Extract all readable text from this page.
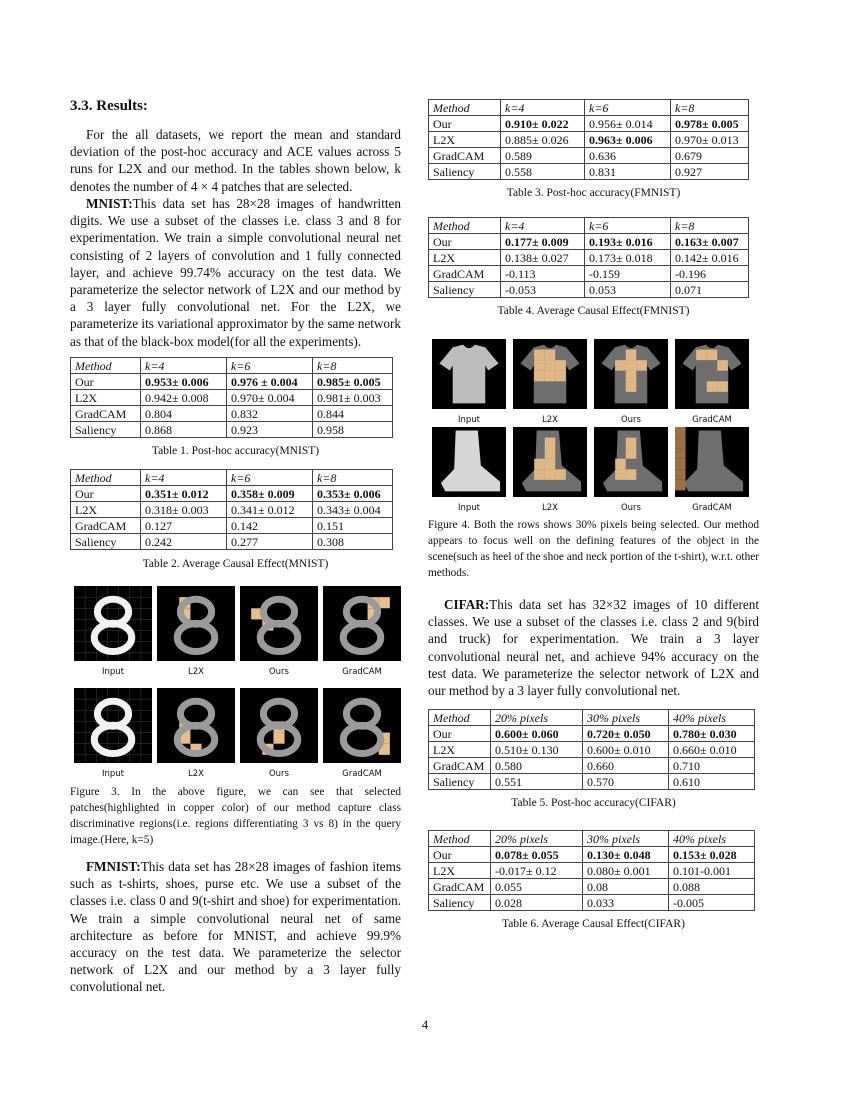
3.3. Results:

For the all datasets, we report the mean and standard deviation of the post-hoc accuracy and ACE values across 5 runs for L2X and our method. In the tables shown below, k denotes the number of 4 × 4 patches that are selected.

MNIST:This data set has 28×28 images of handwritten digits. We use a subset of the classes i.e. class 3 and 8 for experimentation. We train a simple convolutional neural net consisting of 2 layers of convolution and 1 fully connected layer, and achieve 99.74% accuracy on the test data. We parameterize the selector network of L2X and our method by a 3 layer fully convolutional net. For the L2X, we parameterize its variational approximator by the same network as that of the black-box model(for all the experiments).

Method	k=4	k=6	k=8
Our	0.953± 0.006	0.976 ± 0.004	0.985± 0.005
L2X	0.942± 0.008	0.970± 0.004	0.981± 0.003
GradCAM	0.804	0.832	0.844
Saliency	0.868	0.923	0.958

Table 1. Post-hoc accuracy(MNIST)

Method	k=4	k=6	k=8
Our	0.351± 0.012	0.358± 0.009	0.353± 0.006
L2X	0.318± 0.003	0.341± 0.012	0.343± 0.004
GradCAM	0.127	0.142	0.151
Saliency	0.242	0.277	0.308

Table 2. Average Causal Effect(MNIST)

Input	L2X	Ours	GradCAM
Input	L2X	Ours	GradCAM

Figure 3. In the above figure, we can see that selected patches(highlighted in copper color) of our method capture class discriminative regions(i.e. regions differentiating 3 vs 8) in the query image.(Here, k=5)

FMNIST:This data set has 28×28 images of fashion items such as t-shirts, shoes, purse etc. We use a subset of the classes i.e. class 0 and 9(t-shirt and shoe) for experimentation. We train a simple convolutional neural net of same architecture as before for MNIST, and achieve 99.9% accuracy on the test data. We parameterize the selector network of L2X and our method by a 3 layer fully convolutional net.

Method	k=4	k=6	k=8
Our	0.910± 0.022	0.956± 0.014	0.978± 0.005
L2X	0.885± 0.026	0.963± 0.006	0.970± 0.013
GradCAM	0.589	0.636	0.679
Saliency	0.558	0.831	0.927

Table 3. Post-hoc accuracy(FMNIST)

Method	k=4	k=6	k=8
Our	0.177± 0.009	0.193± 0.016	0.163± 0.007
L2X	0.138± 0.027	0.173± 0.018	0.142± 0.016
GradCAM	-0.113	-0.159	-0.196
Saliency	-0.053	0.053	0.071

Table 4. Average Causal Effect(FMNIST)

Input	L2X	Ours	GradCAM
Input	L2X	Ours	GradCAM

Figure 4. Both the rows shows 30% pixels being selected. Our method appears to focus well on the defining features of the object in the scene(such as heel of the shoe and neck portion of the t-shirt), w.r.t. other methods.

CIFAR:This data set has 32×32 images of 10 different classes. We use a subset of the classes i.e. class 2 and 9(bird and truck) for experimentation. We train a 3 layer convolutional neural net, and achieve 94% accuracy on the test data. We parameterize the selector network of L2X and our method by a 3 layer fully convolutional net.

Method	20% pixels	30% pixels	40% pixels
Our	0.600± 0.060	0.720± 0.050	0.780± 0.030
L2X	0.510± 0.130	0.600± 0.010	0.660± 0.010
GradCAM	0.580	0.660	0.710
Saliency	0.551	0.570	0.610

Table 5. Post-hoc accuracy(CIFAR)

Method	20% pixels	30% pixels	40% pixels
Our	0.078± 0.055	0.130± 0.048	0.153± 0.028
L2X	-0.017± 0.12	0.080± 0.001	0.101-0.001
GradCAM	0.055	0.08	0.088
Saliency	0.028	0.033	-0.005

Table 6. Average Causal Effect(CIFAR)

4
